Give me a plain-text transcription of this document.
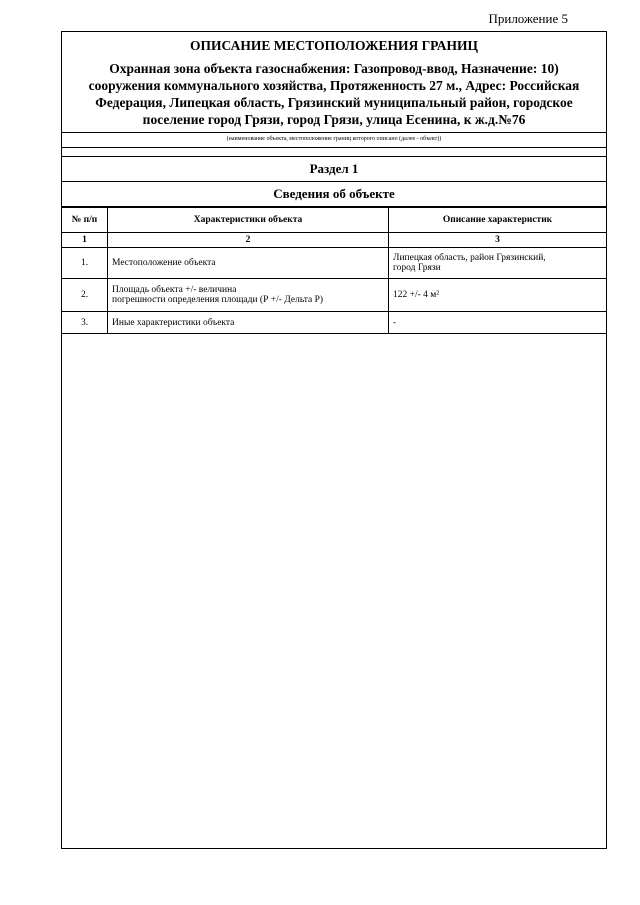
Приложение 5
ОПИСАНИЕ МЕСТОПОЛОЖЕНИЯ ГРАНИЦ
Охранная зона объекта газоснабжения: Газопровод-ввод, Назначение: 10)
сооружения коммунального хозяйства, Протяженность 27 м., Адрес: Российская
Федерация, Липецкая область, Грязинский муниципальный район, городское
поселение город Грязи, город Грязи, улица Есенина, к ж.д.№76
(наименование объекта, местоположение границ которого описано (далее - объект))
Раздел 1
Сведения об объекте
№ п/п	Характеристики объекта	Описание характеристик
1	2	3
1.	Местоположение объекта	Липецкая область, район Грязинский,
город Грязи

2.	Площадь объекта +/- величина
погрешности определения площади (Р +/- Дельта Р)	122 +/- 4 м²

3.	Иные характеристики объекта	-
